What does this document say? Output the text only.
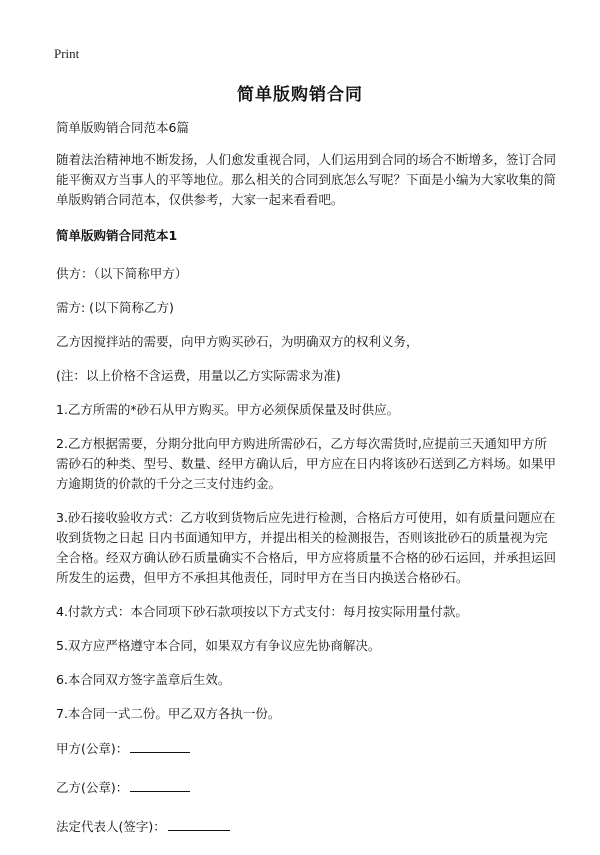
Print
简单版购销合同

简单版购销合同范本6篇

随着法治精神地不断发扬，人们愈发重视合同，人们运用到合同的场合不断增多，签订合同能平衡双方当事人的平等地位。那么相关的合同到底怎么写呢？下面是小编为大家收集的简单版购销合同范本，仅供参考，大家一起来看看吧。

简单版购销合同范本1

供方：（以下简称甲方）

需方: (以下简称乙方)

乙方因搅拌站的需要，向甲方购买砂石，为明确双方的权利义务，

(注：以上价格不含运费，用量以乙方实际需求为准)

1.乙方所需的*砂石从甲方购买。甲方必须保质保量及时供应。

2.乙方根据需要，分期分批向甲方购进所需砂石，乙方每次需货时,应提前三天通知甲方所需砂石的种类、型号、数量、经甲方确认后，甲方应在日内将该砂石送到乙方料场。如果甲方逾期货的价款的千分之三支付违约金。

3.砂石接收验收方式：乙方收到货物后应先进行检测，合格后方可使用，如有质量问题应在收到货物之日起 日内书面通知甲方，并提出相关的检测报告，否则该批砂石的质量视为完全合格。经双方确认砂石质量确实不合格后，甲方应将质量不合格的砂石运回，并承担运回所发生的运费，但甲方不承担其他责任，同时甲方在当日内换送合格砂石。

4.付款方式：本合同项下砂石款项按以下方式支付：每月按实际用量付款。

5.双方应严格遵守本合同，如果双方有争议应先协商解决。

6.本合同双方签字盖章后生效。

7.本合同一式二份。甲乙双方各执一份。

甲方(公章)：

乙方(公章)：

法定代表人(签字)：
